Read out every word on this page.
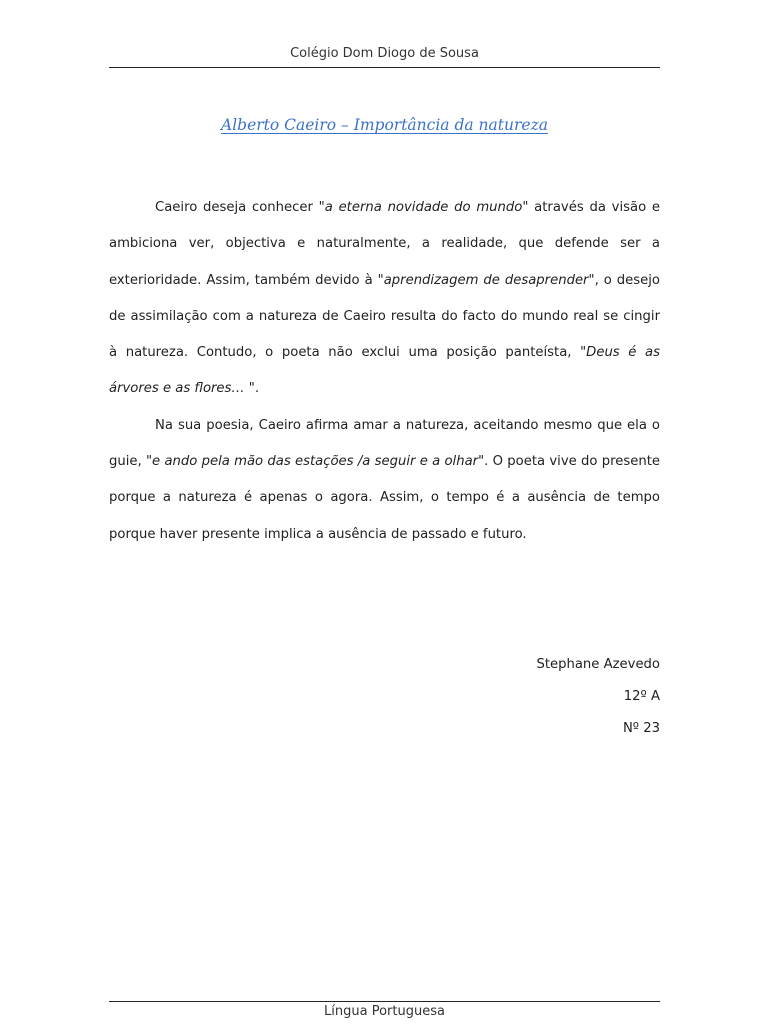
Colégio Dom Diogo de Sousa
Alberto Caeiro – Importância da natureza

Caeiro deseja conhecer "a eterna novidade do mundo" através da visão e ambiciona ver, objectiva e naturalmente, a realidade, que defende ser a exterioridade. Assim, também devido à "aprendizagem de desaprender", o desejo de assimilação com a natureza de Caeiro resulta do facto do mundo real se cingir à natureza. Contudo, o poeta não exclui uma posição panteísta, "Deus é as árvores e as flores… ".

Na sua poesia, Caeiro afirma amar a natureza, aceitando mesmo que ela o guie, "e ando pela mão das estações /a seguir e a olhar". O poeta vive do presente porque a natureza é apenas o agora. Assim, o tempo é a ausência de tempo porque haver presente implica a ausência de passado e futuro.

Stephane Azevedo
12º A
Nº 23
Língua Portuguesa
